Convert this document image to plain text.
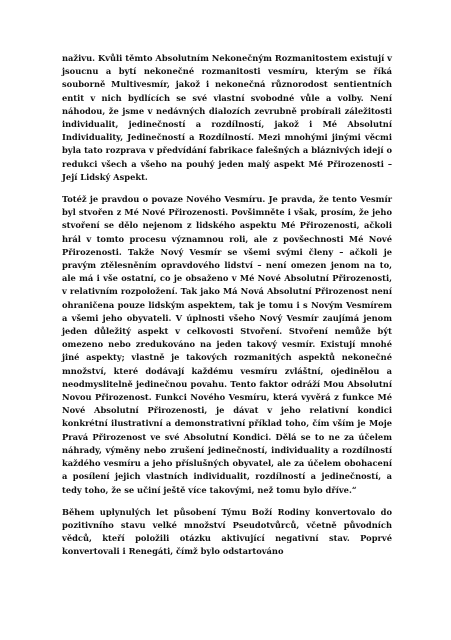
naživu. Kvůli těmto Absolutním Nekonečným Rozmanitostem existují v jsoucnu a bytí nekonečné rozmanitosti vesmíru, kterým se říká souborně Multivesmír, jakož i nekonečná různorodost sentientních entit v nich bydlících se své vlastní svobodné vůle a volby. Není náhodou, že jsme v nedávných dialozích zevrubně probírali záležitosti individualit, jedinečností a rozdílností, jakož i Mé Absolutní Individuality, Jedinečností a Rozdílností. Mezi mnohými jinými věcmi byla tato rozprava v předvídání fabrikace falešných a bláznivých idejí o redukci všech a všeho na pouhý jeden malý aspekt Mé Přirozenosti – Její Lidský Aspekt.

Totéž je pravdou o povaze Nového Vesmíru. Je pravda, že tento Vesmír byl stvořen z Mé Nové Přirozenosti. Povšimněte i však, prosím, že jeho stvoření se dělo nejenom z lidského aspektu Mé Přirozenosti, ačkoli hrál v tomto procesu významnou roli, ale z povšechnosti Mé Nové Přirozenosti. Takže Nový Vesmír se všemi svými členy – ačkoli je pravým ztělesněním opravdového lidství – není omezen jenom na to, ale má i vše ostatní, co je obsaženo v Mé Nové Absolutní Přirozenosti, v relativním rozpoložení. Tak jako Má Nová Absolutní Přirozenost není ohraničena pouze lidským aspektem, tak je tomu i s Novým Vesmírem a všemi jeho obyvateli. V úplnosti všeho Nový Vesmír zaujímá jenom jeden důležitý aspekt v celkovosti Stvoření. Stvoření nemůže být omezeno nebo zredukováno na jeden takový vesmír. Existují mnohé jiné aspekty; vlastně je takových rozmanitých aspektů nekonečné množství, které dodávají každému vesmíru zvláštní, ojedinělou a neodmyslitelně jedinečnou povahu. Tento faktor odráží Mou Absolutní Novou Přirozenost. Funkci Nového Vesmíru, která vyvěrá z funkce Mé Nové Absolutní Přirozenosti, je dávat v jeho relativní kondici konkrétní ilustrativní a demonstrativní příklad toho, čím vším je Moje Pravá Přirozenost ve své Absolutní Kondici. Dělá se to ne za účelem náhrady, výměny nebo zrušení jedinečností, individuality a rozdílností každého vesmíru a jeho příslušných obyvatel, ale za účelem obohacení a posílení jejich vlastních individualit, rozdílností a jedinečností, a tedy toho, že se učiní ještě více takovými, než tomu bylo dříve.“

Během uplynulých let působení Týmu Boží Rodiny konvertovalo do pozitivního stavu velké množství Pseudotvůrců, včetně původních vědců, kteří položili otázku aktivující negativní stav. Poprvé konvertovali i Renegáti, čímž bylo odstartováno
